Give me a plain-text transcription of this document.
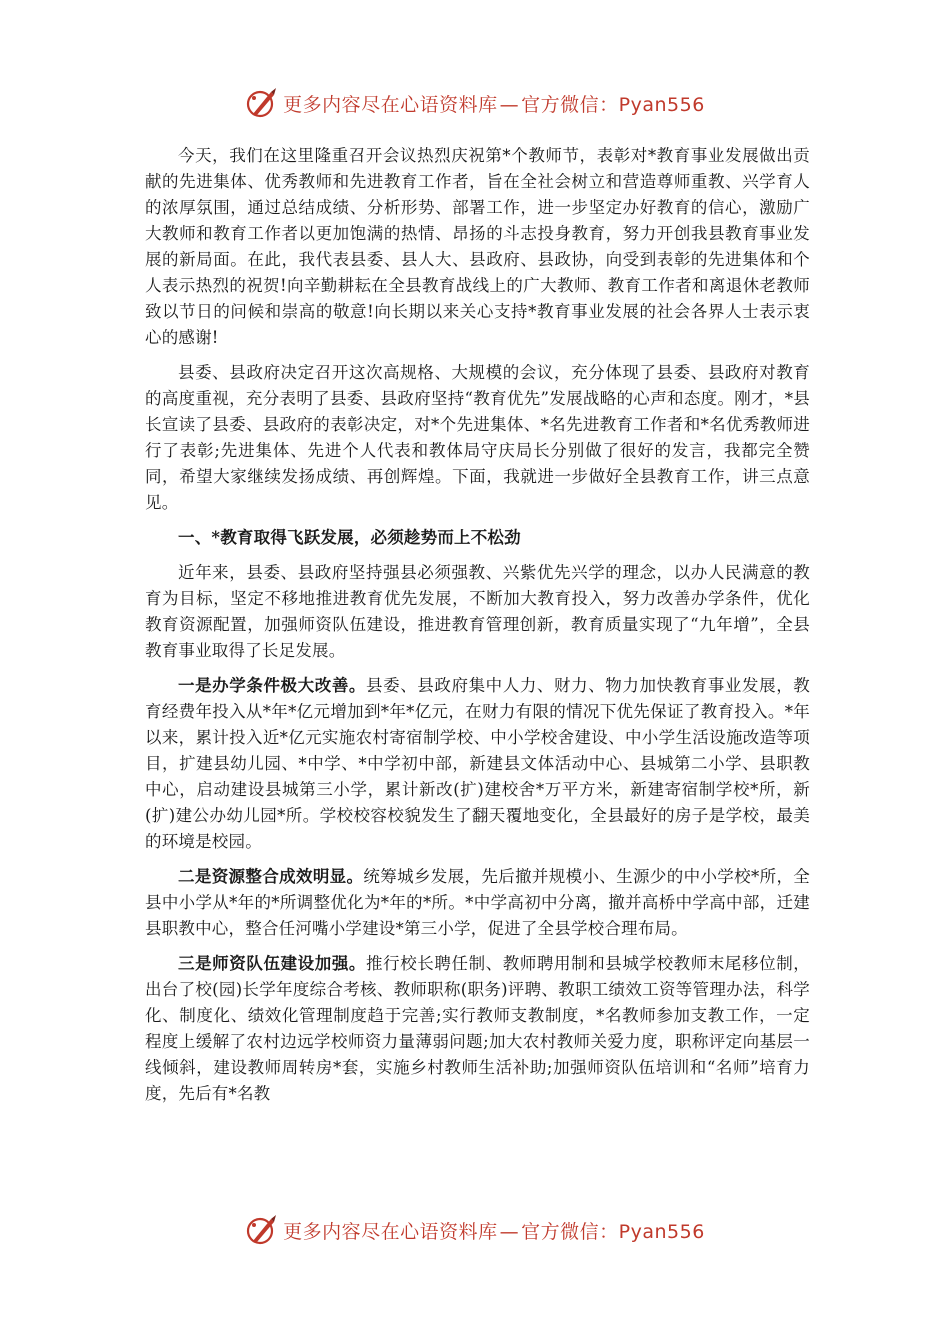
更多内容尽在心语资料库 — 官方微信：Pyan556

今天，我们在这里隆重召开会议热烈庆祝第*个教师节，表彰对*教育事业发展做出贡献的先进集体、优秀教师和先进教育工作者，旨在全社会树立和营造尊师重教、兴学育人的浓厚氛围，通过总结成绩、分析形势、部署工作，进一步坚定办好教育的信心，激励广大教师和教育工作者以更加饱满的热情、昂扬的斗志投身教育，努力开创我县教育事业发展的新局面。在此，我代表县委、县人大、县政府、县政协，向受到表彰的先进集体和个人表示热烈的祝贺!向辛勤耕耘在全县教育战线上的广大教师、教育工作者和离退休老教师致以节日的问候和崇高的敬意!向长期以来关心支持*教育事业发展的社会各界人士表示衷心的感谢!

县委、县政府决定召开这次高规格、大规模的会议，充分体现了县委、县政府对教育的高度重视，充分表明了县委、县政府坚持“教育优先”发展战略的心声和态度。刚才，*县长宣读了县委、县政府的表彰决定，对*个先进集体、*名先进教育工作者和*名优秀教师进行了表彰;先进集体、先进个人代表和教体局守庆局长分别做了很好的发言，我都完全赞同，希望大家继续发扬成绩、再创辉煌。下面，我就进一步做好全县教育工作，讲三点意见。

一、*教育取得飞跃发展，必须趁势而上不松劲

近年来，县委、县政府坚持强县必须强教、兴紫优先兴学的理念，以办人民满意的教育为目标，坚定不移地推进教育优先发展，不断加大教育投入，努力改善办学条件，优化教育资源配置，加强师资队伍建设，推进教育管理创新，教育质量实现了“九年增”，全县教育事业取得了长足发展。

一是办学条件极大改善。县委、县政府集中人力、财力、物力加快教育事业发展，教育经费年投入从*年*亿元增加到*年*亿元，在财力有限的情况下优先保证了教育投入。*年以来，累计投入近*亿元实施农村寄宿制学校、中小学校舍建设、中小学生活设施改造等项目，扩建县幼儿园、*中学、*中学初中部，新建县文体活动中心、县城第二小学、县职教中心，启动建设县城第三小学，累计新改(扩)建校舍*万平方米，新建寄宿制学校*所，新(扩)建公办幼儿园*所。学校校容校貌发生了翻天覆地变化，全县最好的房子是学校，最美的环境是校园。

二是资源整合成效明显。统筹城乡发展，先后撤并规模小、生源少的中小学校*所，全县中小学从*年的*所调整优化为*年的*所。*中学高初中分离，撤并高桥中学高中部，迁建县职教中心，整合任河嘴小学建设*第三小学，促进了全县学校合理布局。

三是师资队伍建设加强。推行校长聘任制、教师聘用制和县城学校教师末尾移位制，出台了校(园)长学年度综合考核、教师职称(职务)评聘、教职工绩效工资等管理办法，科学化、制度化、绩效化管理制度趋于完善;实行教师支教制度，*名教师参加支教工作，一定程度上缓解了农村边远学校师资力量薄弱问题;加大农村教师关爱力度，职称评定向基层一线倾斜，建设教师周转房*套，实施乡村教师生活补助;加强师资队伍培训和“名师”培育力度，先后有*名教

更多内容尽在心语资料库 — 官方微信：Pyan556
